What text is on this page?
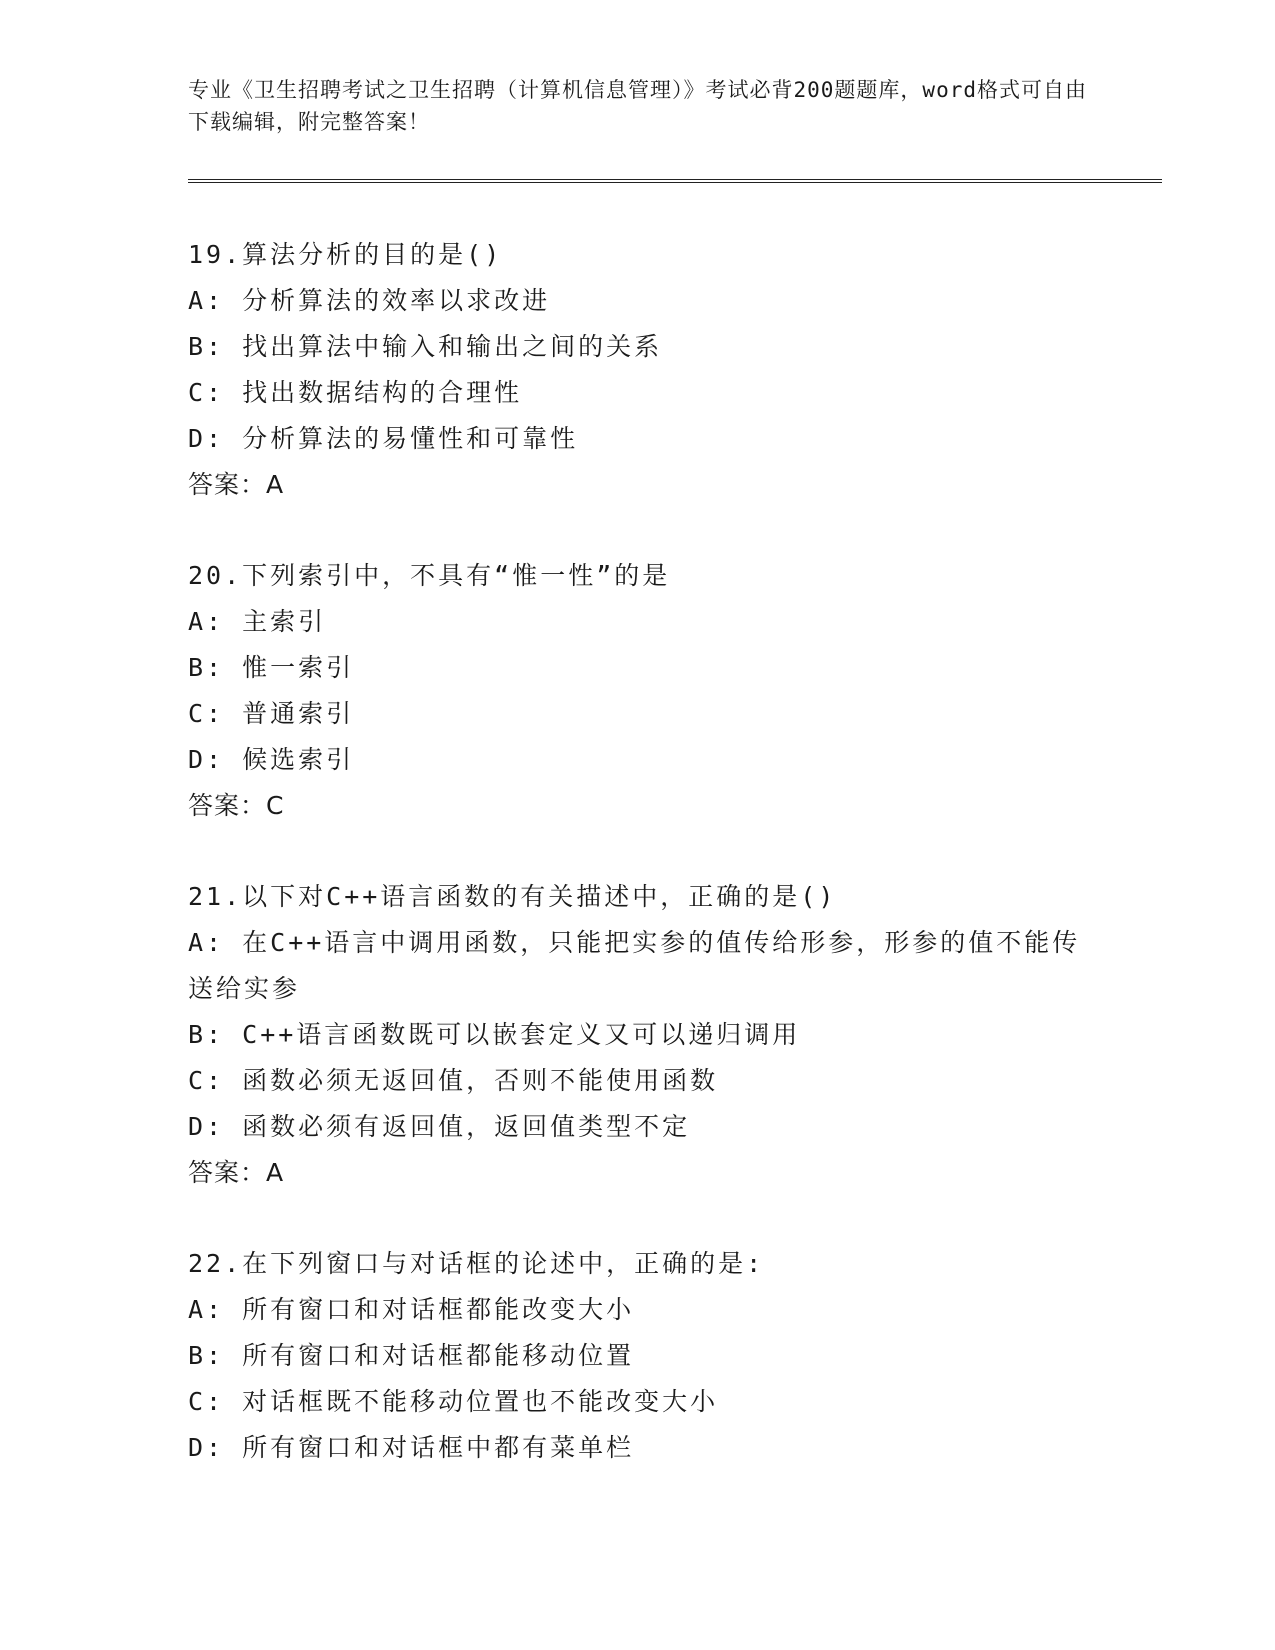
专业《卫生招聘考试之卫生招聘（计算机信息管理）》考试必背200题题库，word格式可自由下载编辑，附完整答案！
19.算法分析的目的是()
A: 分析算法的效率以求改进
B: 找出算法中输入和输出之间的关系
C: 找出数据结构的合理性
D: 分析算法的易懂性和可靠性
答案：A
20.下列索引中，不具有“惟一性”的是
A: 主索引
B: 惟一索引
C: 普通索引
D: 候选索引
答案：C
21.以下对C++语言函数的有关描述中，正确的是()
A: 在C++语言中调用函数，只能把实参的值传给形参，形参的值不能传送给实参
B: C++语言函数既可以嵌套定义又可以递归调用
C: 函数必须无返回值，否则不能使用函数
D: 函数必须有返回值，返回值类型不定
答案：A
22.在下列窗口与对话框的论述中，正确的是:
A: 所有窗口和对话框都能改变大小
B: 所有窗口和对话框都能移动位置
C: 对话框既不能移动位置也不能改变大小
D: 所有窗口和对话框中都有菜单栏
